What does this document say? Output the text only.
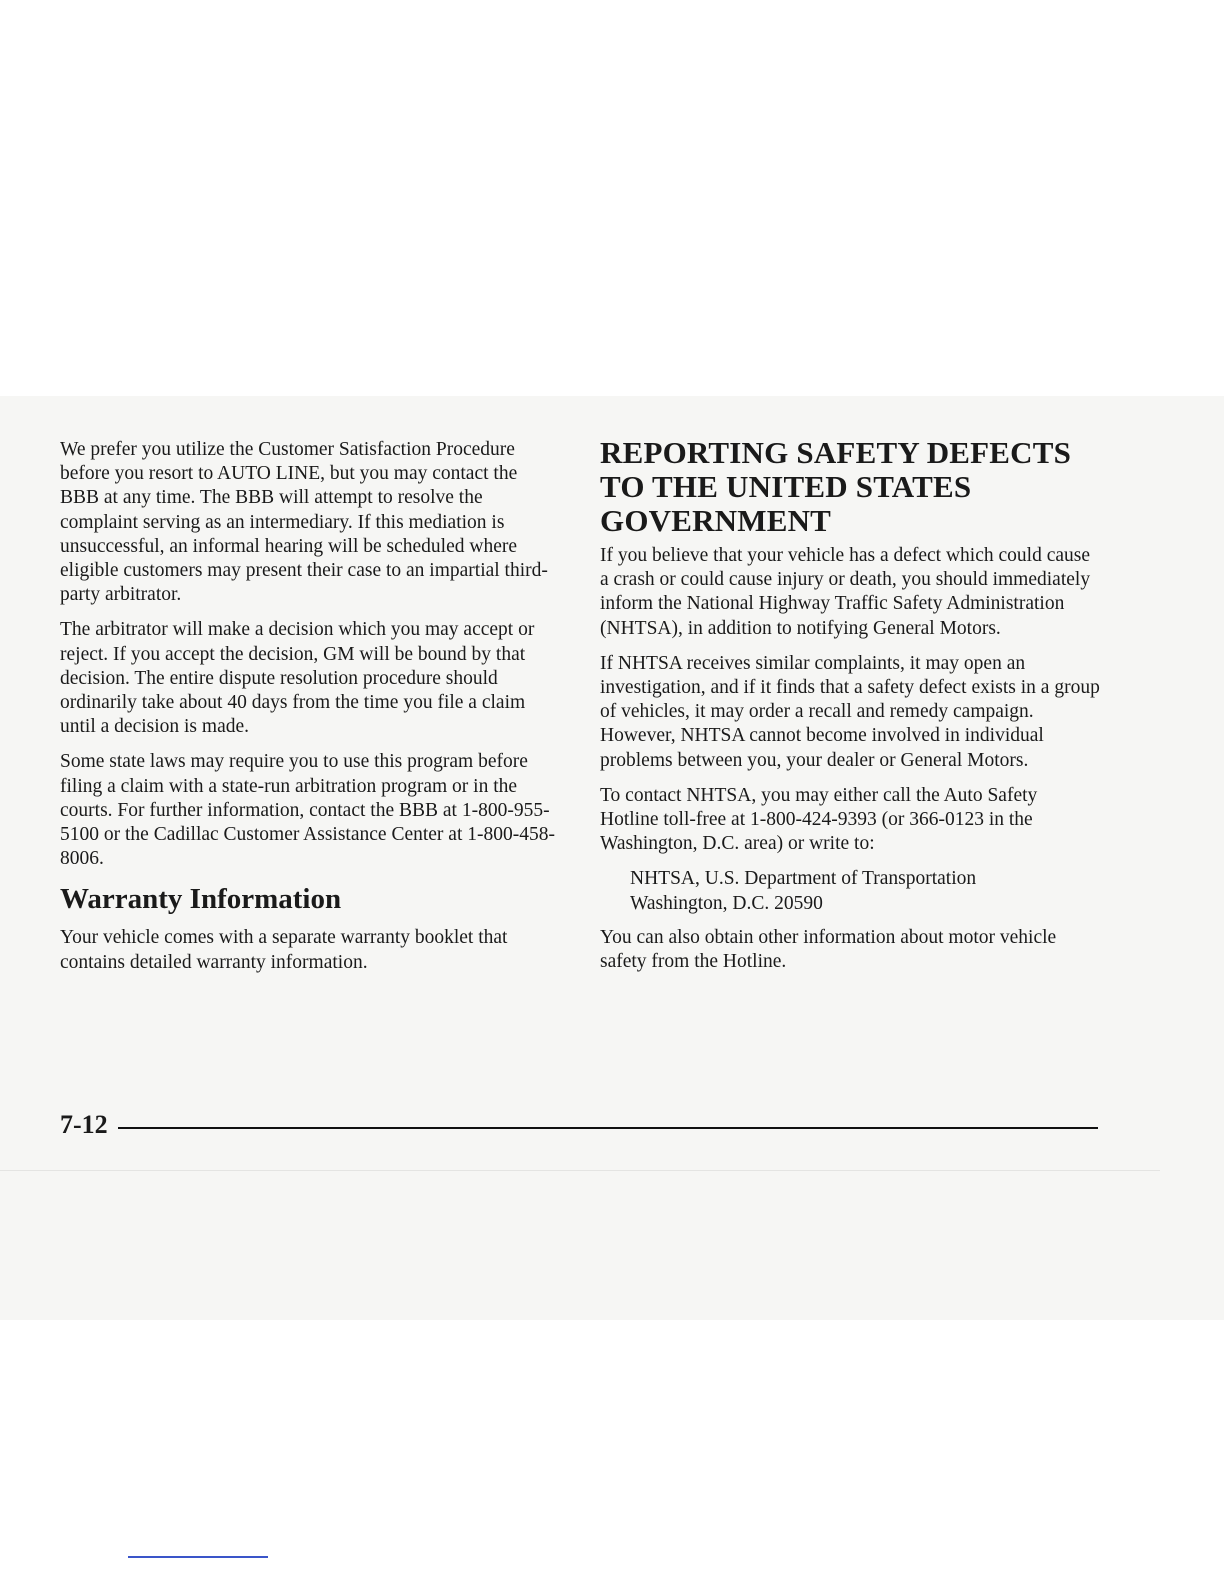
We prefer you utilize the Customer Satisfaction Procedure before you resort to AUTO LINE, but you may contact the BBB at any time. The BBB will attempt to resolve the complaint serving as an intermediary. If this mediation is unsuccessful, an informal hearing will be scheduled where eligible customers may present their case to an impartial third-party arbitrator.

The arbitrator will make a decision which you may accept or reject. If you accept the decision, GM will be bound by that decision. The entire dispute resolution procedure should ordinarily take about 40 days from the time you file a claim until a decision is made.

Some state laws may require you to use this program before filing a claim with a state-run arbitration program or in the courts. For further information, contact the BBB at 1-800-955-5100 or the Cadillac Customer Assistance Center at 1-800-458-8006.

Warranty Information

Your vehicle comes with a separate warranty booklet that contains detailed warranty information.

REPORTING SAFETY DEFECTS TO THE UNITED STATES GOVERNMENT

If you believe that your vehicle has a defect which could cause a crash or could cause injury or death, you should immediately inform the National Highway Traffic Safety Administration (NHTSA), in addition to notifying General Motors.

If NHTSA receives similar complaints, it may open an investigation, and if it finds that a safety defect exists in a group of vehicles, it may order a recall and remedy campaign. However, NHTSA cannot become involved in individual problems between you, your dealer or General Motors.

To contact NHTSA, you may either call the Auto Safety Hotline toll-free at 1-800-424-9393 (or 366-0123 in the Washington, D.C. area) or write to:

NHTSA, U.S. Department of Transportation
Washington, D.C. 20590

You can also obtain other information about motor vehicle safety from the Hotline.

7-12
